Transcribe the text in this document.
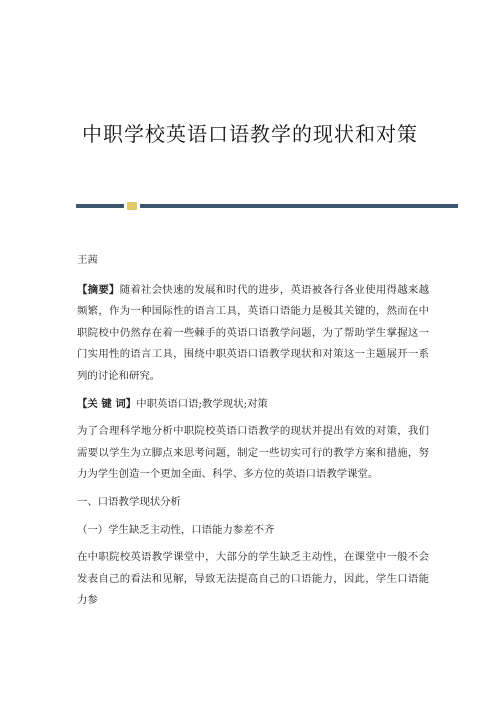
中职学校英语口语教学的现状和对策

王茜

【摘要】随着社会快速的发展和时代的进步，英语被各行各业使用得越来越频繁，作为一种国际性的语言工具，英语口语能力是极其关键的，然而在中职院校中仍然存在着一些棘手的英语口语教学问题，为了帮助学生掌握这一门实用性的语言工具，围绕中职英语口语教学现状和对策这一主题展开一系列的讨论和研究。

【关 键 词】中职英语口语;教学现状;对策

为了合理科学地分析中职院校英语口语教学的现状并提出有效的对策，我们需要以学生为立脚点来思考问题，制定一些切实可行的教学方案和措施，努力为学生创造一个更加全面、科学、多方位的英语口语教学课堂。

一、口语教学现状分析

（一）学生缺乏主动性，口语能力参差不齐

在中职院校英语教学课堂中，大部分的学生缺乏主动性，在课堂中一般不会发表自己的看法和见解，导致无法提高自己的口语能力，因此，学生口语能力参
